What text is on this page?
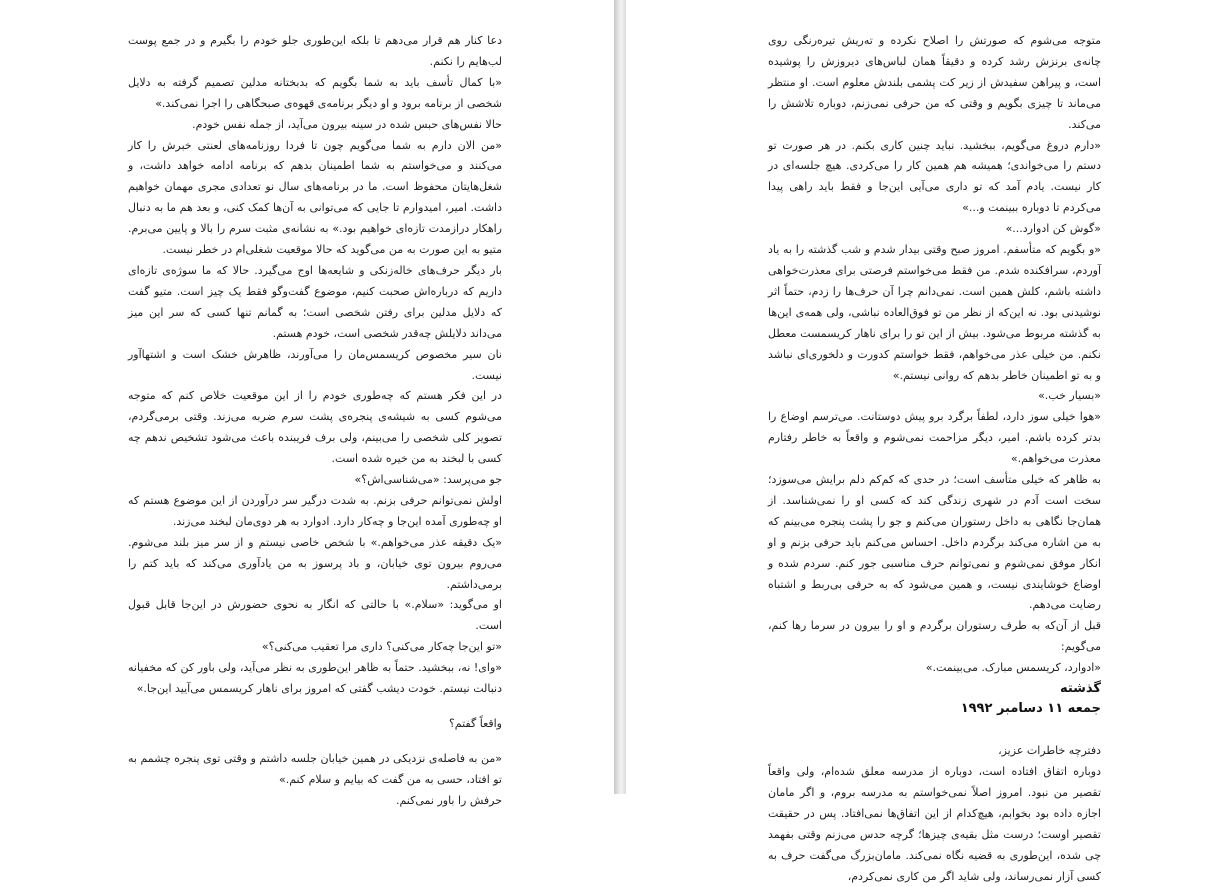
دعا کنار هم قرار می‌دهم تا بلکه این‌طوری جلو خودم را بگیرم و در جمع پوست لب‌هایم را نکنم.

«با کمال تأسف باید به شما بگویم که بدبختانه مدلین تصمیم گرفته به دلایل شخصی از برنامه برود و او دیگر برنامه‌ی قهوه‌ی صبحگاهی را اجرا نمی‌کند.»

حالا نفس‌های حبس شده در سینه بیرون می‌آید، از جمله نفس خودم.

«من الان دارم به شما می‌گویم چون تا فردا روزنامه‌های لعنتی خبرش را کار می‌کنند و می‌خواستم به شما اطمینان بدهم که برنامه ادامه خواهد داشت، و شغل‌هایتان محفوظ است. ما در برنامه‌های سال نو تعدادی مجری مهمان خواهیم داشت. امیر، امیدوارم تا جایی که می‌توانی به آن‌ها کمک کنی، و بعد هم ما به دنبال راهکار درازمدت تازه‌ای خواهیم بود.» به نشانه‌ی مثبت سرم را بالا و پایین می‌برم. متیو به این صورت به من می‌گوید که حالا موقعیت شغلی‌ام در خطر نیست.

بار دیگر حرف‌های خاله‌زنکی و شایعه‌ها اوج می‌گیرد. حالا که ما سوژه‌ی تازه‌ای داریم که درباره‌اش صحبت کنیم، موضوع گفت‌وگو فقط یک چیز است. متیو گفت که دلایل مدلین برای رفتن شخصی است؛ به گمانم تنها کسی که سر این میز می‌داند دلایلش چه‌قدر شخصی است، خودم هستم.

نان سیر مخصوص کریسمس‌مان را می‌آورند، ظاهرش خشک است و اشتهاآور نیست.

در این فکر هستم که چه‌طوری خودم را از این موقعیت خلاص کنم که متوجه می‌شوم کسی به شیشه‌ی پنجره‌ی پشت سرم ضربه می‌زند. وقتی برمی‌گردم، تصویر کلی شخصی را می‌بینم، ولی برف فریبنده باعث می‌شود تشخیص ندهم چه کسی با لبخند به من خیره شده است.

جو می‌پرسد: «می‌شناسی‌اش؟»

اولش نمی‌توانم حرفی بزنم. به شدت درگیر سر درآوردن از این موضوع هستم که او چه‌طوری آمده این‌جا و چه‌کار دارد. ادوارد به هر دوی‌مان لبخند می‌زند.

«یک دقیقه عذر می‌خواهم.» با شخص خاصی نیستم و از سر میز بلند می‌شوم. می‌روم بیرون توی خیابان، و باد پرسوز به من یادآوری می‌کند که باید کتم را برمی‌داشتم.

او می‌گوید: «سلام.» با حالتی که انگار به نحوی حضورش در این‌جا قابل قبول است.

«تو این‌جا چه‌کار می‌کنی؟ داری مرا تعقیب می‌کنی؟»

«وای! نه، ببخشید. حتماً به ظاهر این‌طوری به نظر می‌آید، ولی باور کن که مخفیانه دنبالت نیستم. خودت دیشب گفتی که امروز برای ناهار کریسمس می‌آیید این‌جا.»

واقعاً گفتم؟

«من به فاصله‌ی نزدیکی در همین خیابان جلسه داشتم و وقتی توی پنجره چشمم به تو افتاد، حسی به من گفت که بیایم و سلام کنم.»

حرفش را باور نمی‌کنم.

متوجه می‌شوم که صورتش را اصلاح نکرده و ته‌ریش تیره‌رنگی روی چانه‌ی برنزش رشد کرده و دقیقاً همان لباس‌های دیروزش را پوشیده است، و پیراهن سفیدش از زیر کت پشمی بلندش معلوم است. او منتظر می‌ماند تا چیزی بگویم و وقتی که من حرفی نمی‌زنم، دوباره تلاشش را می‌کند.

«دارم دروغ می‌گویم، ببخشید. نباید چنین کاری بکنم. در هر صورت تو دستم را می‌خواندی؛ همیشه هم همین کار را می‌کردی. هیچ جلسه‌ای در کار نیست. یادم آمد که تو داری می‌آیی این‌جا و فقط باید راهی پیدا می‌کردم تا دوباره ببینمت و...»

«گوش کن ادوارد...»

«و بگویم که متأسفم. امروز صبح وقتی بیدار شدم و شب گذشته را به یاد آوردم، سرافکنده شدم. من فقط می‌خواستم فرصتی برای معذرت‌خواهی داشته باشم، کلش همین است. نمی‌دانم چرا آن حرف‌ها را زدم، حتماً اثر نوشیدنی بود. نه این‌که از نظر من تو فوق‌العاده نباشی، ولی همه‌ی این‌ها به گذشته مربوط می‌شود. بیش از این تو را برای ناهار کریسمست معطل نکنم. من خیلی عذر می‌خواهم، فقط خواستم کدورت و دلخوری‌ای نباشد و به تو اطمینان خاطر بدهم که روانی نیستم.»

«بسیار خب.»

«هوا خیلی سوز دارد، لطفاً برگرد برو پیش دوستانت. می‌ترسم اوضاع را بدتر کرده باشم. امیر، دیگر مزاحمت نمی‌شوم و واقعاً به خاطر رفتارم معذرت می‌خواهم.»

به ظاهر که خیلی متأسف است؛ در حدی که کم‌کم دلم برایش می‌سوزد؛ سخت است آدم در شهری زندگی کند که کسی او را نمی‌شناسد. از همان‌جا نگاهی به داخل رستوران می‌کنم و جو را پشت پنجره می‌بینم که به من اشاره می‌کند برگردم داخل. احساس می‌کنم باید حرفی بزنم و او انکار موفق نمی‌شوم و نمی‌توانم حرف مناسبی جور کنم. سردم شده و اوضاع خوشایندی نیست، و همین می‌شود که به حرفی بی‌ربط و اشتباه رضایت می‌دهم.

قبل از آن‌که به طرف رستوران برگردم و او را بیرون در سرما رها کنم، می‌گویم:

«ادوارد، کریسمس مبارک. می‌بینمت.»

گذشته

جمعه ۱۱ دسامبر ۱۹۹۲

دفترچه خاطرات عزیز،

دوباره اتفاق افتاده است، دوباره از مدرسه معلق شده‌ام، ولی واقعاً تقصیر من نبود. امروز اصلاً نمی‌خواستم به مدرسه بروم، و اگر مامان اجازه داده بود بخوابم، هیچ‌کدام از این اتفاق‌ها نمی‌افتاد. پس در حقیقت تقصیر اوست؛ درست مثل بقیه‌ی چیزها؛ گرچه حدس می‌زنم وقتی بفهمد چی شده، این‌طوری به قضیه نگاه نمی‌کند. مامان‌بزرگ می‌گفت حرف به کسی آزار نمی‌رساند، ولی شاید اگر من کاری نمی‌کردم،
